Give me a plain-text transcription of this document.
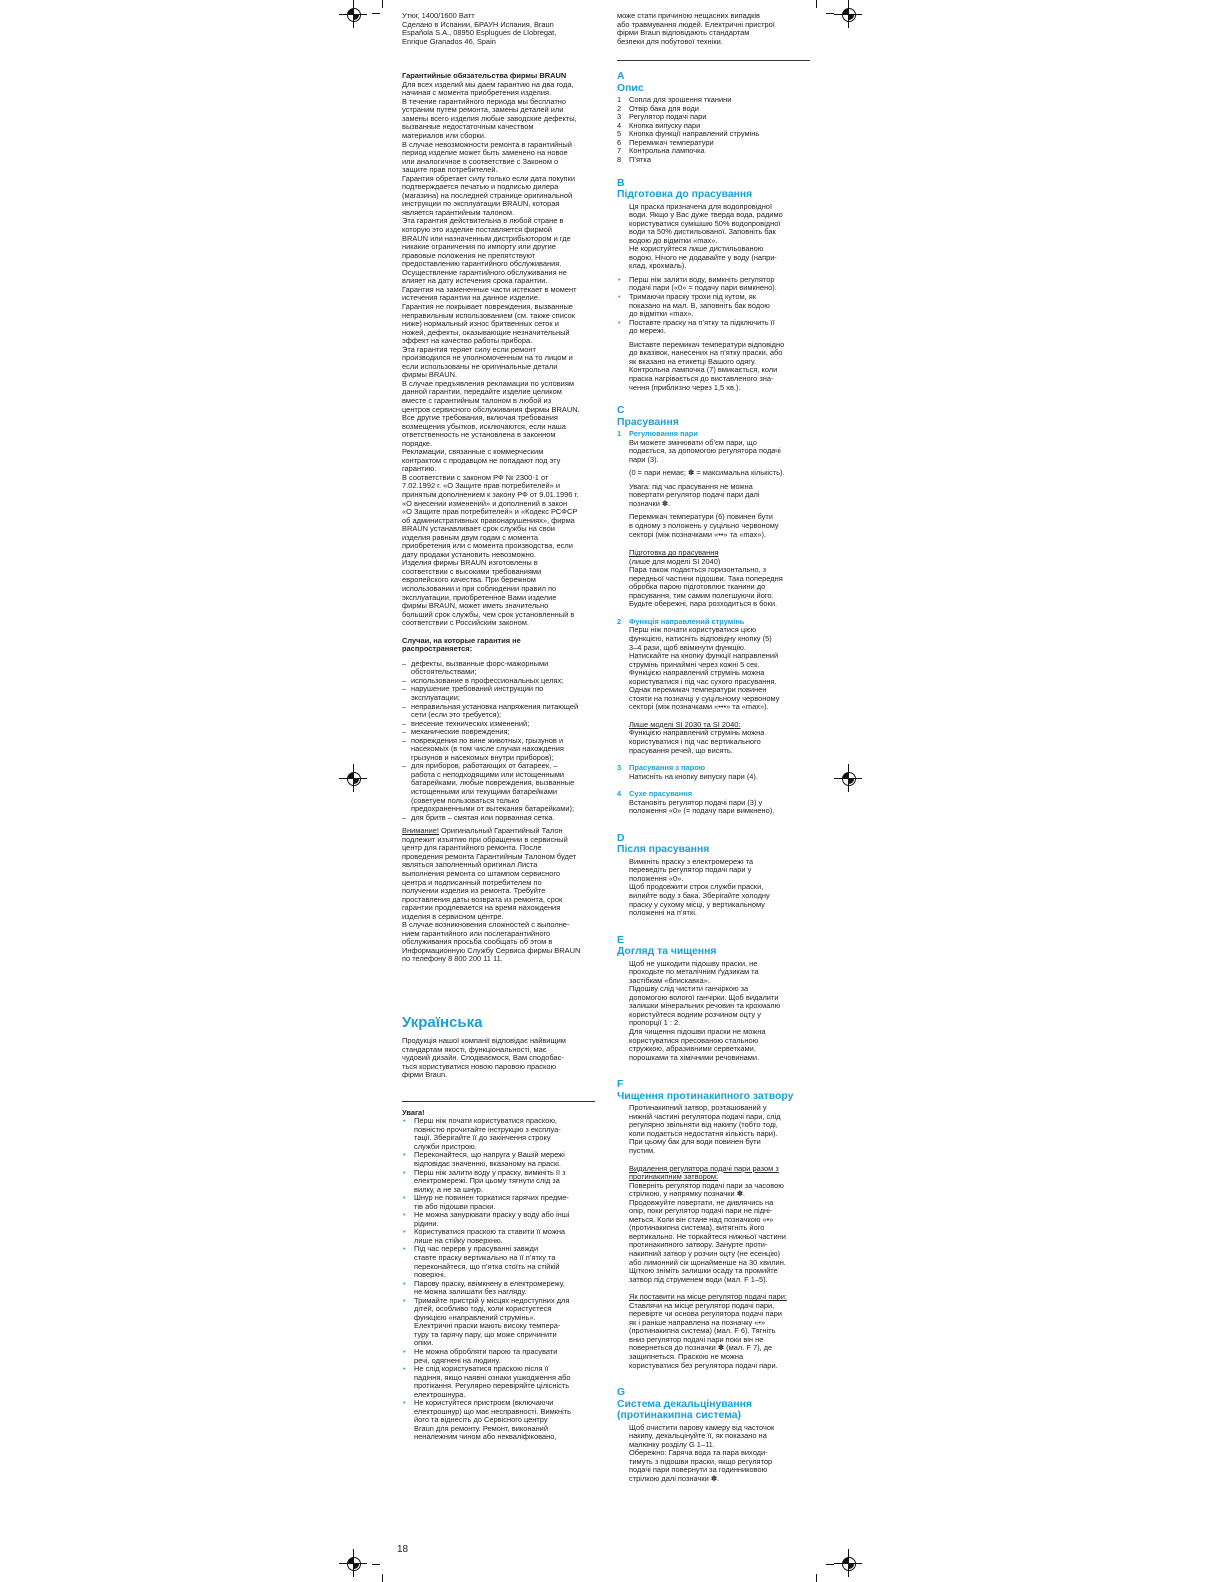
Утюг, 1400/1600 Ватт
Сделано в Испании, БРАУН Испания, Braun
Española S.A., 08950 Esplugues de Llobregat,
Enrique Granados 46, Spain

Гарантийные обязательства фирмы BRAUN

Для всех изделий мы даем гарантию на два года,
начиная с момента приобретения изделия.
В течение гарантийного периода мы бесплатно
устраним путем ремонта, замены деталей или
замены всего изделия любые заводские дефекты,
вызванные недостаточным качеством
материалов или сборки.
В случае невозможности ремонта в гарантийный
период изделие может быть заменено на новое
или аналогичное в соответствие с Законом о
защите прав потребителей.
Гарантия обретает силу только если дата покупки
подтверждается печатью и подписью дилера
(магазина) на последней странице оригинальной
инструкции по эксплуатации BRAUN, которая
является гарантийным талоном.
Эта гарантия действительна в любой стране в
которую это изделие поставляется фирмой
BRAUN или назначенным дистрибьютором и где
никакие ограничения по импорту или другие
правовые положения не препятствуют
предоставлению гарантийного обслуживания.
Осуществление гарантийного обслуживания не
влияет на дату истечения срока гарантии.
Гарантия на замененные части истекает в момент
истечения гарантии на данное изделие.
Гарантия не покрывает повреждения, вызванные
неправильным использованием (см. также список
ниже) нормальный износ бритвенных сеток и
ножей, дефекты, оказывающие незначительный
эффект на качество работы прибора.
Эта гарантия теряет силу если ремонт
производился не уполномоченным на то лицом и
если использованы не оригинальные детали
фирмы BRAUN.
В случае предъявления рекламации по условиям
данной гарантии, передайте изделие целиком
вместе с гарантийным талоном в любой из
центров сервисного обслуживания фирмы BRAUN.
Все другие требования, включая требования
возмещения убытков, исключаются, если наша
ответственность не установлена в законном
порядке.
Рекламации, связанные с коммерческим
контрактом с продавцом не попадают под эту
гарантию.
В соответствии с законом РФ № 2300-1 от
7.02.1992 г. «О Защите прав потребителей» и
принятым дополнением к закону РФ от 9.01.1996 г.
«О внесении изменений» и дополнений в закон
«О Защите прав потребителей» и «Кодекс РСФСР
об административных правонарушениях», фирма
BRAUN устанавливает срок службы на свои
изделия равным двум годам с момента
приобретения или с момента производства, если
дату продажи установить невозможно.
Изделия фирмы BRAUN изготовлены в
соответствии с высокими требованиями
европейского качества. При бережном
использовании и при соблюдении правил по
эксплуатации, приобретенное Вами изделие
фирмы BRAUN, может иметь значительно
больший срок службы, чем срок установленный в
соответствии с Российским законом.
Случаи, на которые гарантия не
распространяется:
– дефекты, вызванные форс-мажорными
обстоятельствами;
– использование в профессиональных целях;
– нарушение требований инструкции по
эксплуатации;
– неправильная установка напряжения питающей
сети (если это требуется);
– внесение технических изменений;
– механические повреждения;
– повреждения по вине животных, грызунов и
насекомых (в том числе случаи нахождения
грызунов и насекомых внутри приборов);
– для приборов, работающих от батареек, –
работа с неподходящими или истощенными
батарейками, любые повреждения, вызванные
истощенными или текущими батарейками
(советуем пользоваться только
предохраненными от вытекания батарейками);
– для бритв – смятая или порванная сетка.

Внимание! Оригинальный Гарантийный Талон

подлежит изъятию при обращении в сервисный
центр для гарантийного ремонта. После
проведения ремонта Гарантийным Талоном будет
являться заполненный оригинал Листа
выполнения ремонта со штампом сервисного
центра и подписанный потребителем по
получении изделия из ремонта. Требуйте
проставления даты возврата из ремонта, срок
гарантии продлевается на время нахождения
изделия в сервисном центре.
В случае возникновения сложностей с выполне-
нием гарантийного или послегарантийного
обслуживания просьба сообщать об этом в
Информационную Службу Сервиса фирмы BRAUN
по телефону 8 800 200 11 11.
Українська
Продукція нашої компанії відповідає найвищим
стандартам якості, функціональності, має
чудовий дизайн. Сподіваємося, Вам сподобас-
ться користуватися новою паровою праскою
фірми Braun.

Увага!

• Перш ніж почати користуватися праскою,
повністю прочитайте інструкцію з експлуа-
тації. Зберігайте її до закінчення строку
служби пристрою.
• Переконайтеся, що напруга у Вашій мережі
відповідає значенню, вказаному на праскі.
• Перш ніж залити воду у праску, вимкніть її з
електромережі. При цьому тягнути слід за
вилку, а не за шнур.
• Шнур не повинен торкатися гарячих предме-
тів або підошви праски.
• Не можна занурювати праску у воду або інші
рідини.
• Користуватися праскою та ставити її можна
лише на стійку поверхню.
• Під час перерв у прасуванні завжди
ставте праску вертикально на її п’ятку та
переконайтеся, що п’ятка стоїть на стійкій
поверхні.
• Парову праску, ввімкнену в електромережу,
не можна залишати без нагляду.
• Тримайте пристрій у місцях недоступних для
дітей, особливо тоді, коли користуєтеся
функцією «направлений струмінь».
Електричні праски мають високу темпера-
туру та гарячу пару, що може спричинити
опіки.
• Не можна обробляти парою та прасувати
речі, одягнені на людину.
• Не слід користуватися праскою після її
падіння, якщо наявні ознаки ушкодження або
протікання. Регулярно перевіряйте цілісність
електрошнура.
• Не користуйтеся пристроєм (включаючи
електрошнур) що має несправності. Вимкніть
його та віднесіть до Сервісного центру
Braun для ремонту. Ремонт, виконаний
неналежним чином або некваліфіковано,
може стати причиною нещасних випадків
або травмування людей. Електричні пристрої
фірми Braun відповідають стандартам
безпеки для побутової техніки.
AОпис
1	Сопла для зрошення тканини
2	Отвір бака для води
3	Регулятор подачі пари
4	Кнопка випуску пари
5	Кнопка функції направлений струмінь
6	Перемикач температури
7	Контрольна лампочка
8	П’ятка
BПідготовка до прасування
Ця праска призначена для водопровідної
води. Якщо у Вас дуже тверда вода, радимо
користуватися сумішшю 50% водопровідної
води та 50% дистильованої. Заповніть бак
водою до відмітки «max».
Не користуйтеся лише дистильованою
водою. Нічого не додавайте у воду (напри-
клад, крохмаль).
• Перш ніж залити воду, вимкніть регулятор
подачі пари («0» = подачу пари вимкнено).
• Тримаючи праску трохи під кутом, як
показано на мал. B, заповніть бак водою
до відмітки «max».
• Поставте праску на п’ятку та підключить її
до мережі.
Виставте перемикач температури відповідно
до вказівок, нанесених на п’ятку праски, або
як вказано на етикетці Вашого одягу.
Контрольна лампочка (7) вмикається, коли
праска нагрівається до виставленого зна-
чення (приблизно через 1,5 хв.).
CПрасування
1 Регулювання пари
Ви можете змінювати об’єм пари, що
подається, за допомогою регулятора подачі
пари (3).

(0 = пари немає; ✽ = максимальна кількість).

Увага: під час прасування не можна
повертати регулятор подачі пари далі
позначки ✽.
Перемикач температури (6) повинен бути
в одному з положень у суцільно червоному
секторі (між позначками «••» та «max»).

Підготовка до прасування

(лише для моделі SI 2040)
Пара також подається горизонтально, з
передньої частини підошви. Така попередня
обробка парою підготовлює тканини до
прасування, тим самим полегшуючи його.
Будьте обережні, пара розходиться в боки.
2 Функція направлений струмінь
Перш ніж почати користуватися цією
функцією, натисніть відповідну кнопку (5)
3–4 рази, щоб ввімкнути функцію.
Натискайте на кнопку функції направлений
струмінь принаймні через кожні 5 сек.
Функцією направлений струмінь можна
користуватися і під час сухого прасування.
Однак перемикач температури повинен
стояти на позначці у суцільному червоному
секторі (між позначками «•••» та «max»).

Лише моделі SI 2030 та SI 2040:

Функцією направлений струмінь можна
користуватися і під час вертикального
прасування речей, що висять.
3 Прасування з парою
Натисніть на кнопку випуску пари (4).
4 Сухе прасування
Встановіть регулятор подачі пари (3) у
положення «0» (= подачу пари вимкнено).
DПісля прасування
Вимкніть праску з електромережі та
переведіть регулятор подачі пари у
положення «0».
Щоб продовжити строк служби праски,
вилийте воду з бака. Зберігайте холодну
праску у сухому місці, у вертикальному
положенні на п’яткі.
EДогляд та чищення
Щоб не ушкодити підошву праски, не
проходьте по металічним ґудзикам та
застібкам «блискавка».
Підошву слід чистити ганчіркою за
допомогою вологої ганчірки. Щоб видалити
залишки мінеральних речовин та крохмалю
користуйтеся водним розчином оцту у
пропорції 1 : 2.
Для чищення підошви праски не можна
користуватися пресованою стальною
стружкою, абразивними серветками,
порошками та хімічними речовинами.
FЧищення протинакипного затвору
Протинакипний затвор, розташований у
нижній частині регулятора подачі пари, слід
регулярно звільняти від накипу (тобто тоді,
коли подається недостатня кількість пари).
При цьому бак для води повинен бути
пустим.
Видалення регулятора подачі пари разом з
протинакипним затвором:
Поверніть регулятор подачі пари за часовою
стрілкою, у напрямку позначки ✽.
Продовжуйте повертати, не дивлячись на
опір, поки регулятор подачі пари не підні-
меться. Коли він стане над позначкою «•»
(протинакипна система), витягніть його
вертикально. Не торкайтеся нижньої частини
протинакипного затвору. Занурте проти-
накипний затвор у розчин оцту (не есенцію)
або лимонний сік щонайменше на 30 хвилин.
Щіткою зніміть залишки осаду та промийте
затвор під струменем води (мал. F 1–5).

Як поставити на місце регулятор подачі пари:

Ставлячи на місце регулятор подачі пари,
перевірте чи основа регулятора подачі пари
як і раніше направлена на позначку «•»
(протинакипна система) (мал. F 6). Тягніть
вниз регулятор подачі пари поки він не
повернеться до позначки ✽ (мал. F 7), де
защипнеться. Праскою не можна
користуватися без регулятора подачі пари.
GСистема декальцінування (протинакипна система)
Щоб очистити парову камеру від часточок
накипу, декальцінуйте її, як показано на
малюнку розділу G 1–11.
Обережно: Гаряча вода та пара виходи-
тимуть з підошви праски, якщо регулятор
подачі пари повернути за годинниковою
стрілкою далі позначки ✽.
18
